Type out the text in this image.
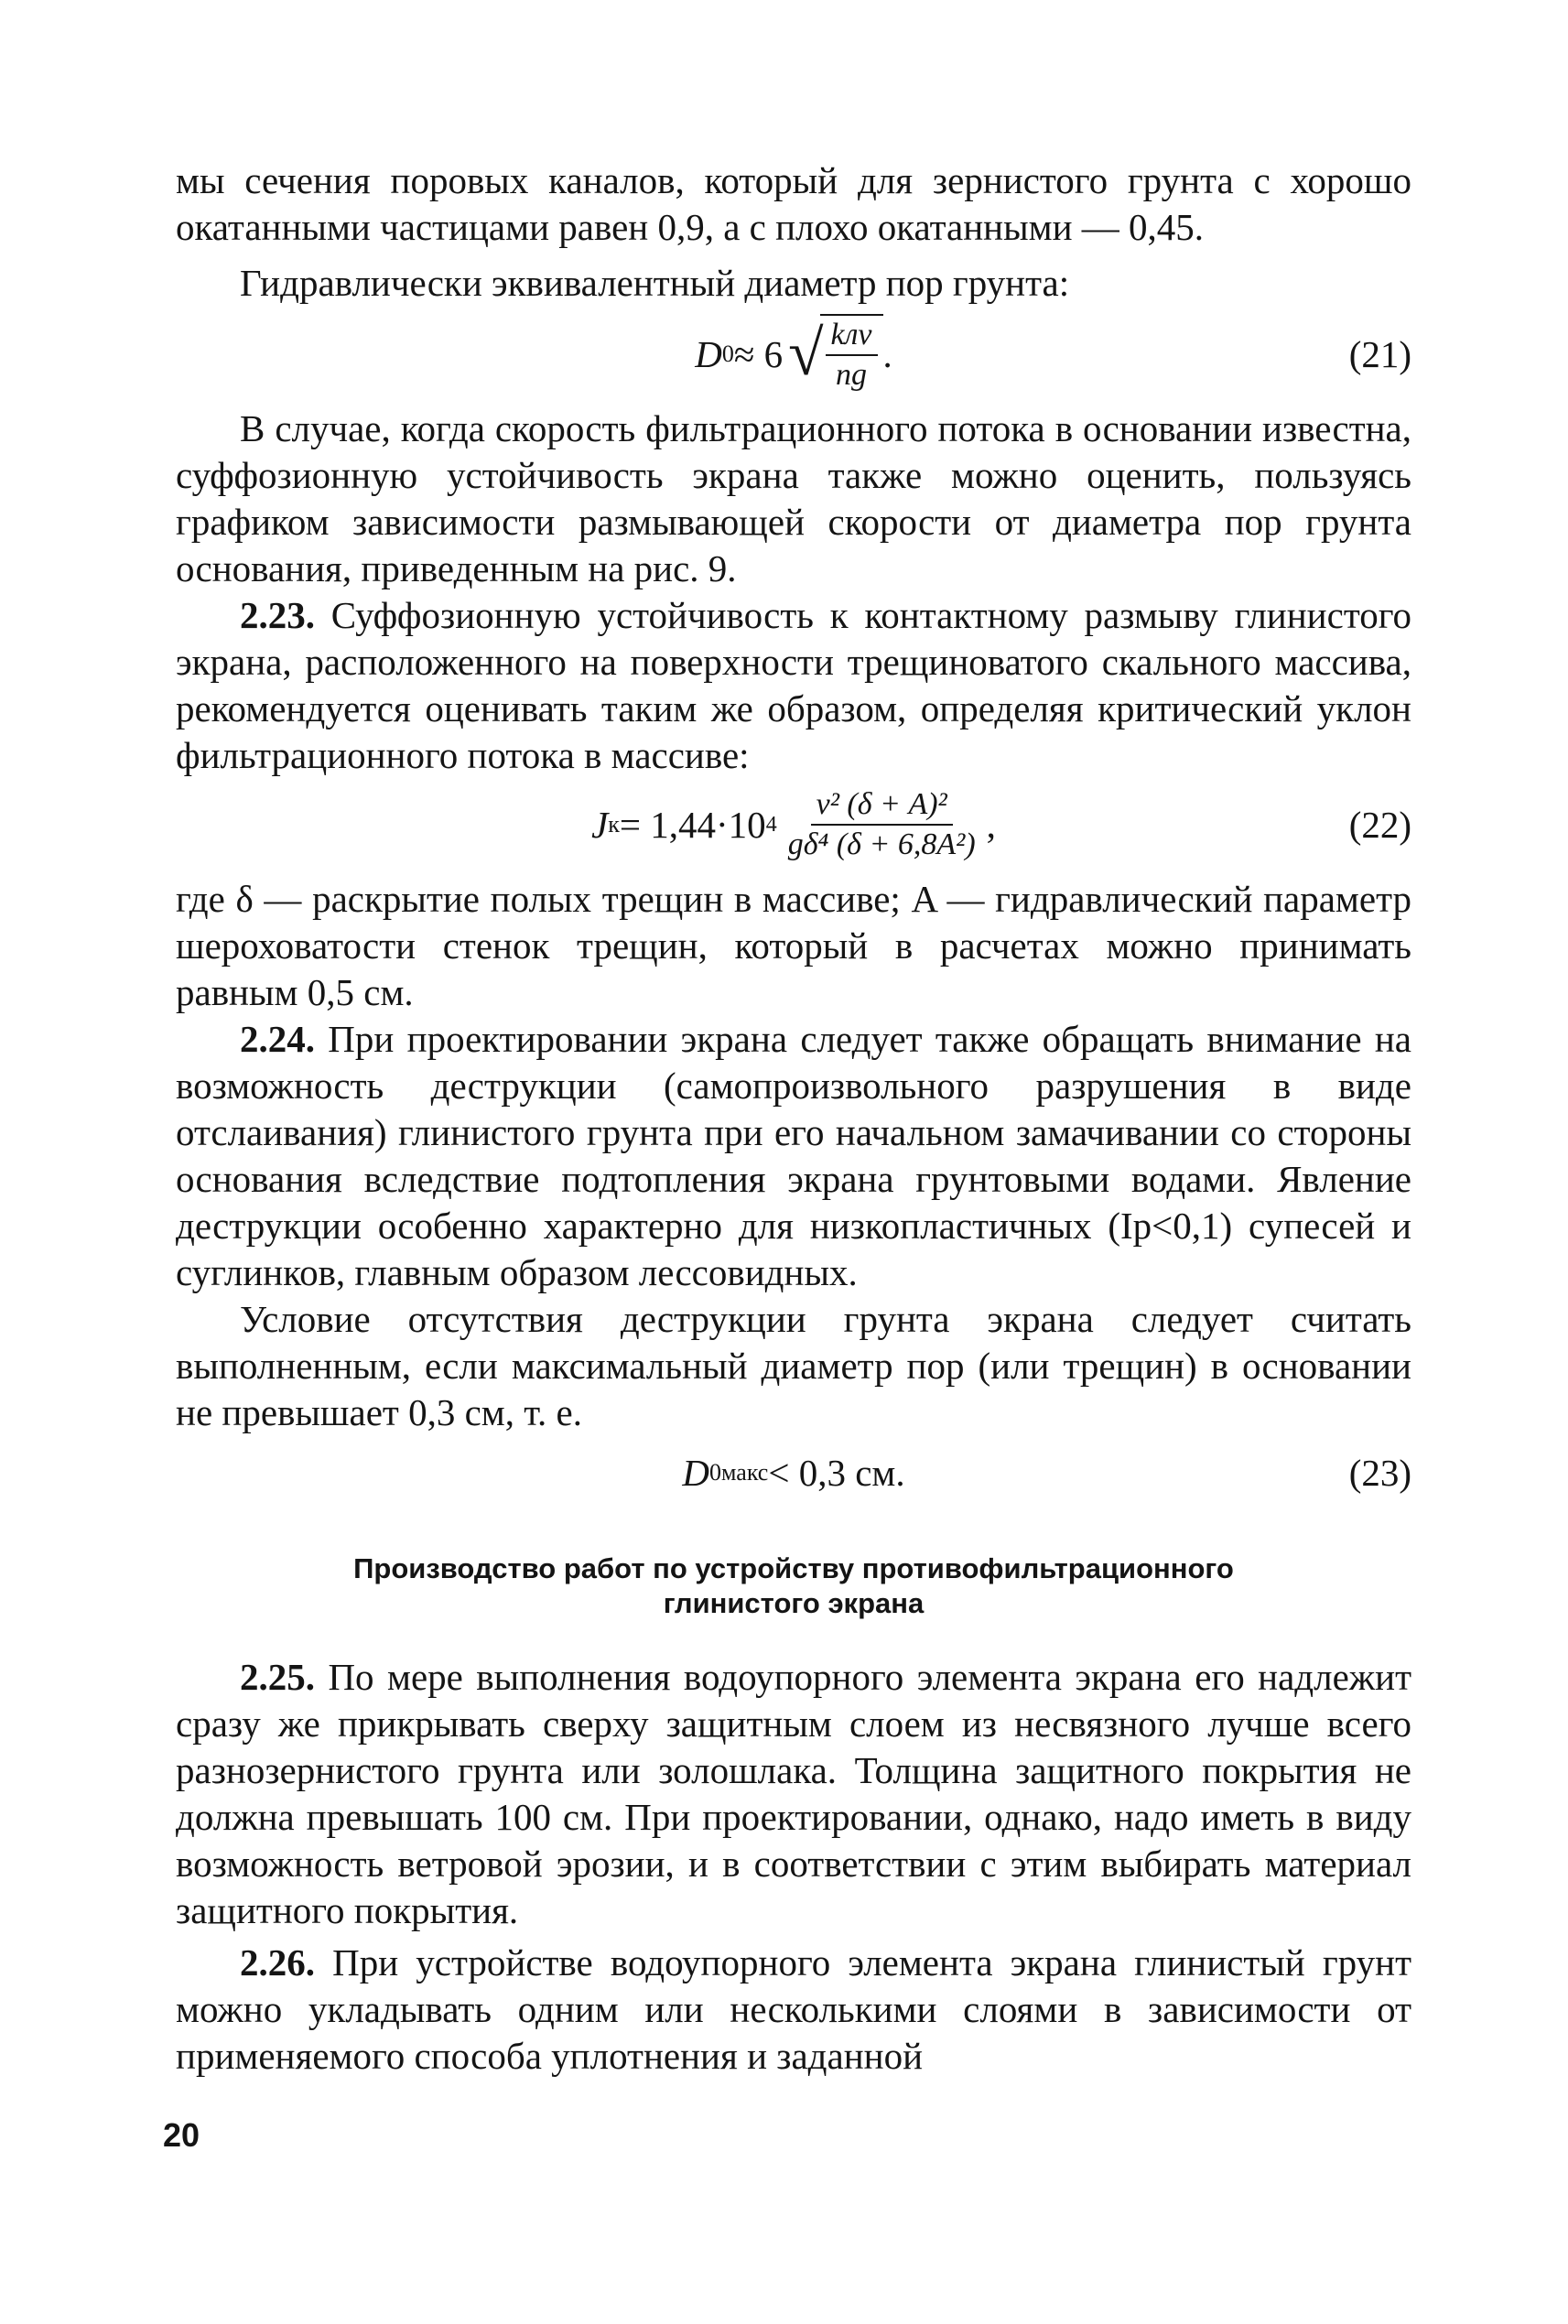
мы сечения поровых каналов, который для зернистого грунта с хорошо окатанными частицами равен 0,9, а с плохо окатанными — 0,45.

Гидравлически эквивалентный диаметр пор грунта:

D 0 ≈ 6 √ $\frac{\text{kлν}}{ng}$ .	(21)

В случае, когда скорость фильтрационного потока в основании известна, суффозионную устойчивость экрана также можно оценить, пользуясь графиком зависимости размывающей скорости от диаметра пор грунта основания, приведенным на рис. 9.

2.23. Суффозионную устойчивость к контактному размыву глинистого экрана, расположенного на поверхности трещиноватого скального массива, рекомендуется оценивать таким же образом, определяя критический уклон фильтрационного потока в массиве:

J к = 1,44·10 $4 \frac{\text{ν² (δ + A)²}}{\text{gδ⁴ (δ + 6,8A²)}}$ ,	(22)

где δ — раскрытие полых трещин в массиве; A — гидравлический параметр шероховатости стенок трещин, который в расчетах можно принимать равным 0,5 см.

2.24. При проектировании экрана следует также обращать внимание на возможность деструкции (самопроизвольного разрушения в виде отслаивания) глинистого грунта при его начальном замачивании со стороны основания вследствие подтопления экрана грунтовыми водами. Явление деструкции особенно характерно для низкопластичных (Iр<0,1) супесей и суглинков, главным образом лессовидных.

Условие отсутствия деструкции грунта экрана следует считать выполненным, если максимальный диаметр пор (или трещин) в основании не превышает 0,3 см, т. е.

D 0макс < 0,3 см.	(23)
Производство работ по устройству противофильтрационного
глинистого экрана

2.25. По мере выполнения водоупорного элемента экрана его надлежит сразу же прикрывать сверху защитным слоем из несвязного лучше всего разнозернистого грунта или золошлака. Толщина защитного покрытия не должна превышать 100 см. При проектировании, однако, надо иметь в виду возможность ветровой эрозии, и в соответствии с этим выбирать материал защитного покрытия.

2.26. При устройстве водоупорного элемента экрана глинистый грунт можно укладывать одним или несколькими слоями в зависимости от применяемого способа уплотнения и заданной

20
